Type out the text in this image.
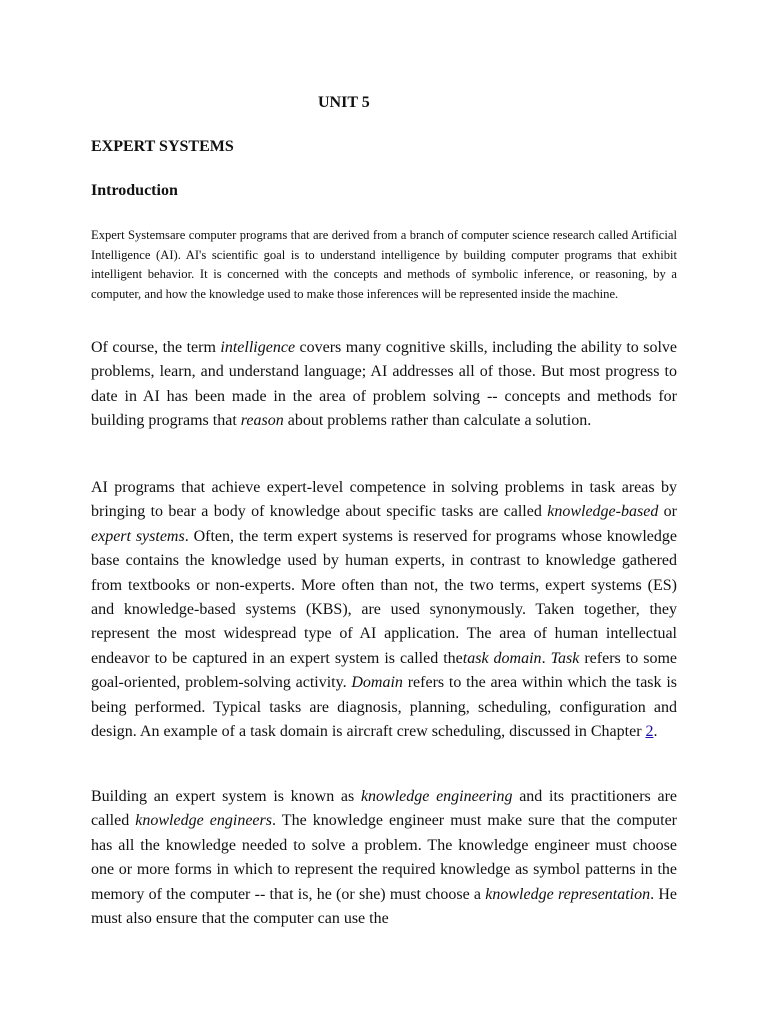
UNIT 5
EXPERT SYSTEMS
Introduction

Expert Systemsare computer programs that are derived from a branch of computer science research called Artificial Intelligence (AI). AI's scientific goal is to understand intelligence by building computer programs that exhibit intelligent behavior. It is concerned with the concepts and methods of symbolic inference, or reasoning, by a computer, and how the knowledge used to make those inferences will be represented inside the machine.

Of course, the term intelligence covers many cognitive skills, including the ability to solve problems, learn, and understand language; AI addresses all of those. But most progress to date in AI has been made in the area of problem solving -- concepts and methods for building programs that reason about problems rather than calculate a solution.

AI programs that achieve expert-level competence in solving problems in task areas by bringing to bear a body of knowledge about specific tasks are called knowledge-based or expert systems. Often, the term expert systems is reserved for programs whose knowledge base contains the knowledge used by human experts, in contrast to knowledge gathered from textbooks or non-experts. More often than not, the two terms, expert systems (ES) and knowledge-based systems (KBS), are used synonymously. Taken together, they represent the most widespread type of AI application. The area of human intellectual endeavor to be captured in an expert system is called thetask domain. Task refers to some goal-oriented, problem-solving activity. Domain refers to the area within which the task is being performed. Typical tasks are diagnosis, planning, scheduling, configuration and design. An example of a task domain is aircraft crew scheduling, discussed in Chapter 2.

Building an expert system is known as knowledge engineering and its practitioners are called knowledge engineers. The knowledge engineer must make sure that the computer has all the knowledge needed to solve a problem. The knowledge engineer must choose one or more forms in which to represent the required knowledge as symbol patterns in the memory of the computer -- that is, he (or she) must choose a knowledge representation. He must also ensure that the computer can use the
